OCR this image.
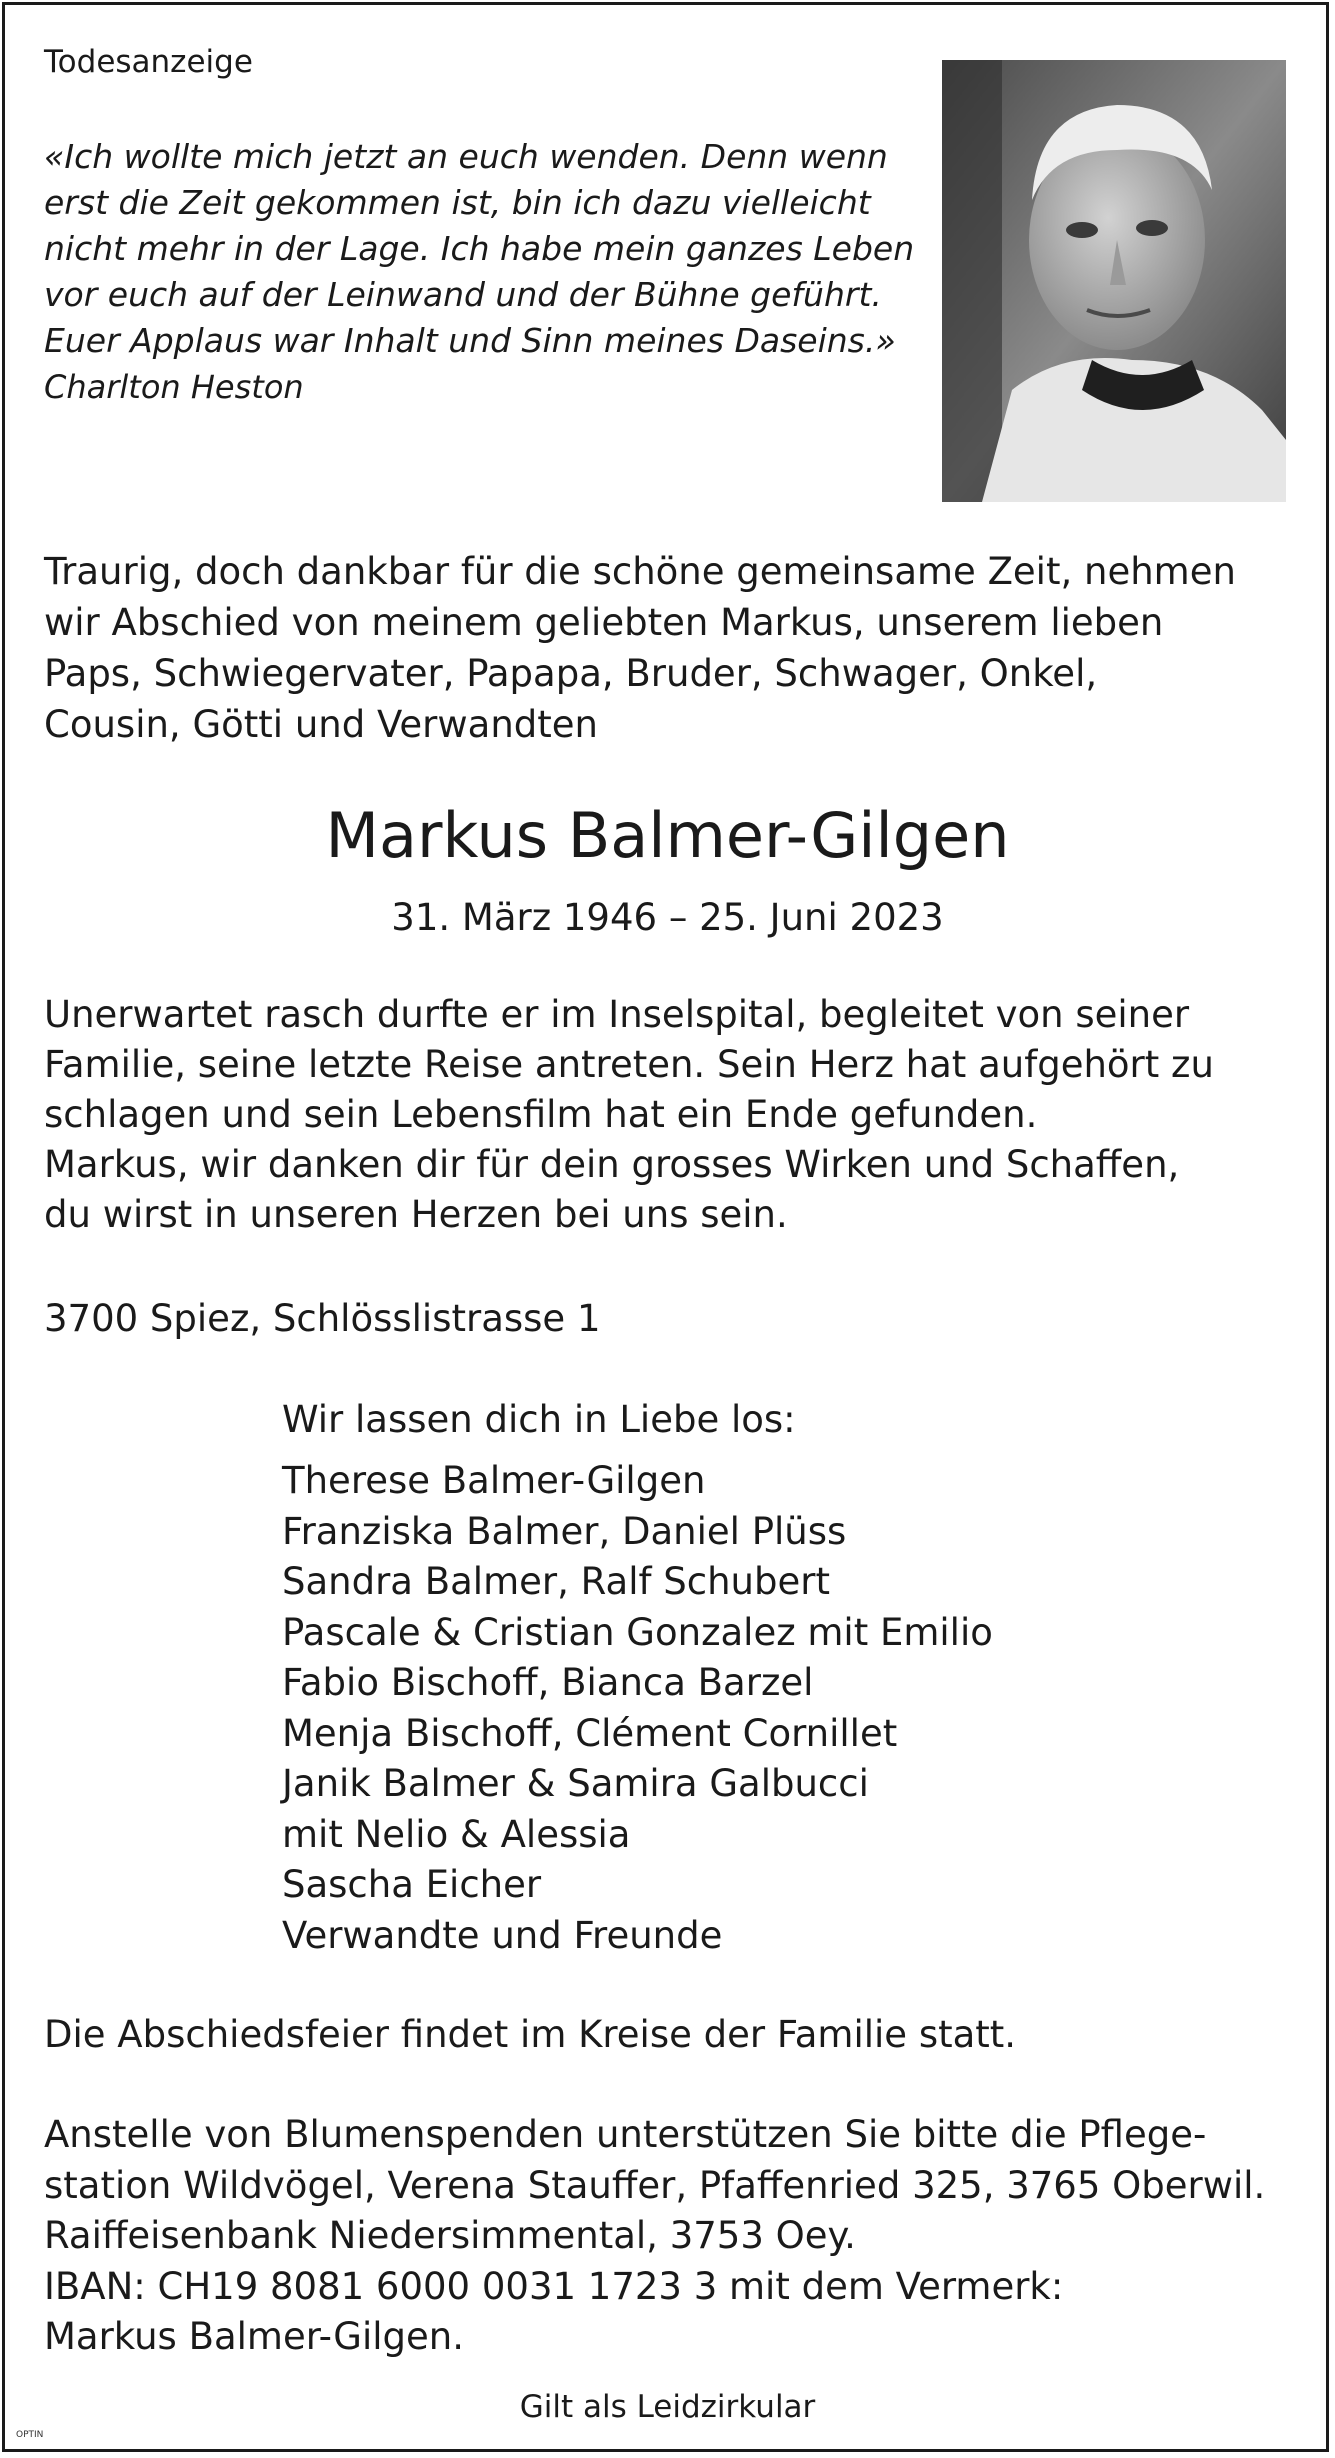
Todesanzeige
«Ich wollte mich jetzt an euch wenden. Denn wenn
erst die Zeit gekommen ist, bin ich dazu vielleicht
nicht mehr in der Lage. Ich habe mein ganzes Leben
vor euch auf der Leinwand und der Bühne geführt.
Euer Applaus war Inhalt und Sinn meines Daseins.»
Charlton Heston
Traurig, doch dankbar für die schöne gemeinsame Zeit, nehmen
wir Abschied von meinem geliebten Markus, unserem lieben
Paps, Schwiegervater, Papapa, Bruder, Schwager, Onkel,
Cousin, Götti und Verwandten
Markus Balmer-Gilgen
31. März 1946 – 25. Juni 2023
Unerwartet rasch durfte er im Inselspital, begleitet von seiner
Familie, seine letzte Reise antreten. Sein Herz hat aufgehört zu
schlagen und sein Lebensfilm hat ein Ende gefunden.
Markus, wir danken dir für dein grosses Wirken und Schaffen,
du wirst in unseren Herzen bei uns sein.
3700 Spiez, Schlösslistrasse 1
Wir lassen dich in Liebe los:
Therese Balmer-Gilgen
Franziska Balmer, Daniel Plüss
Sandra Balmer, Ralf Schubert
Pascale & Cristian Gonzalez mit Emilio
Fabio Bischoff, Bianca Barzel
Menja Bischoff, Clément Cornillet
Janik Balmer & Samira Galbucci
mit Nelio & Alessia
Sascha Eicher
Verwandte und Freunde
Die Abschiedsfeier findet im Kreise der Familie statt.
Anstelle von Blumenspenden unterstützen Sie bitte die Pflege-
station Wildvögel, Verena Stauffer, Pfaffenried 325, 3765 Oberwil.
Raiffeisenbank Niedersimmental, 3753 Oey.
IBAN: CH19 8081 6000 0031 1723 3 mit dem Vermerk:
Markus Balmer-Gilgen.
Gilt als Leidzirkular
OPTIN
